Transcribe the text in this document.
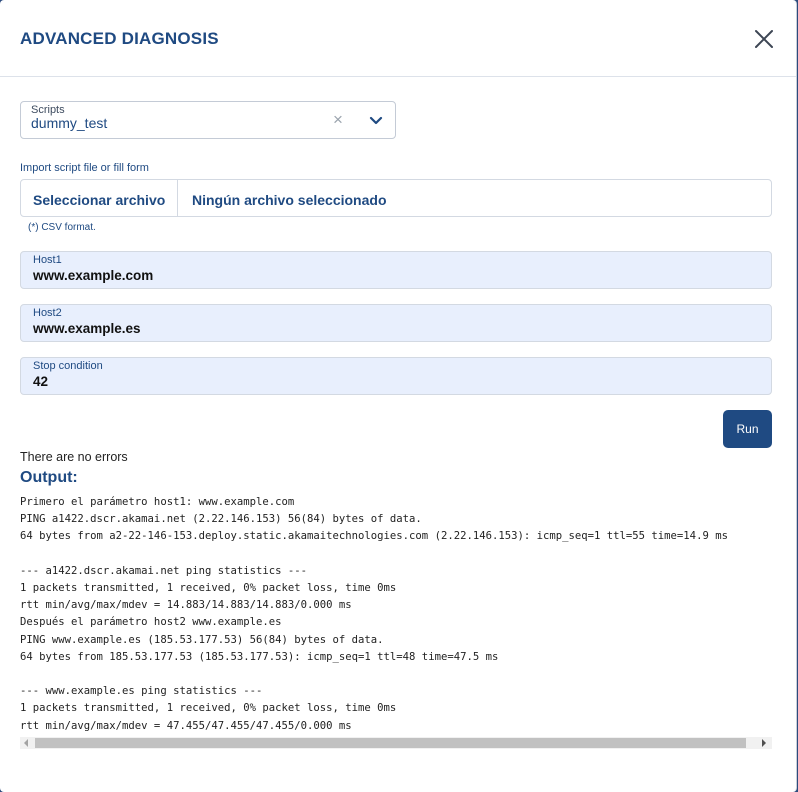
ADVANCED DIAGNOSIS
Scripts
dummy_test	×
Import script file or fill form
Seleccionar archivo	Ningún archivo seleccionado
(*) CSV format.
Host1
www.example.com
Host2
www.example.es
Stop condition
42
Run
There are no errors
Output:
Primero el parámetro host1: www.example.com
PING a1422.dscr.akamai.net (2.22.146.153) 56(84) bytes of data.
64 bytes from a2-22-146-153.deploy.static.akamaitechnologies.com (2.22.146.153): icmp_seq=1 ttl=55 time=14.9 ms

--- a1422.dscr.akamai.net ping statistics ---
1 packets transmitted, 1 received, 0% packet loss, time 0ms
rtt min/avg/max/mdev = 14.883/14.883/14.883/0.000 ms
Después el parámetro host2 www.example.es
PING www.example.es (185.53.177.53) 56(84) bytes of data.
64 bytes from 185.53.177.53 (185.53.177.53): icmp_seq=1 ttl=48 time=47.5 ms

--- www.example.es ping statistics ---
1 packets transmitted, 1 received, 0% packet loss, time 0ms
rtt min/avg/max/mdev = 47.455/47.455/47.455/0.000 ms
